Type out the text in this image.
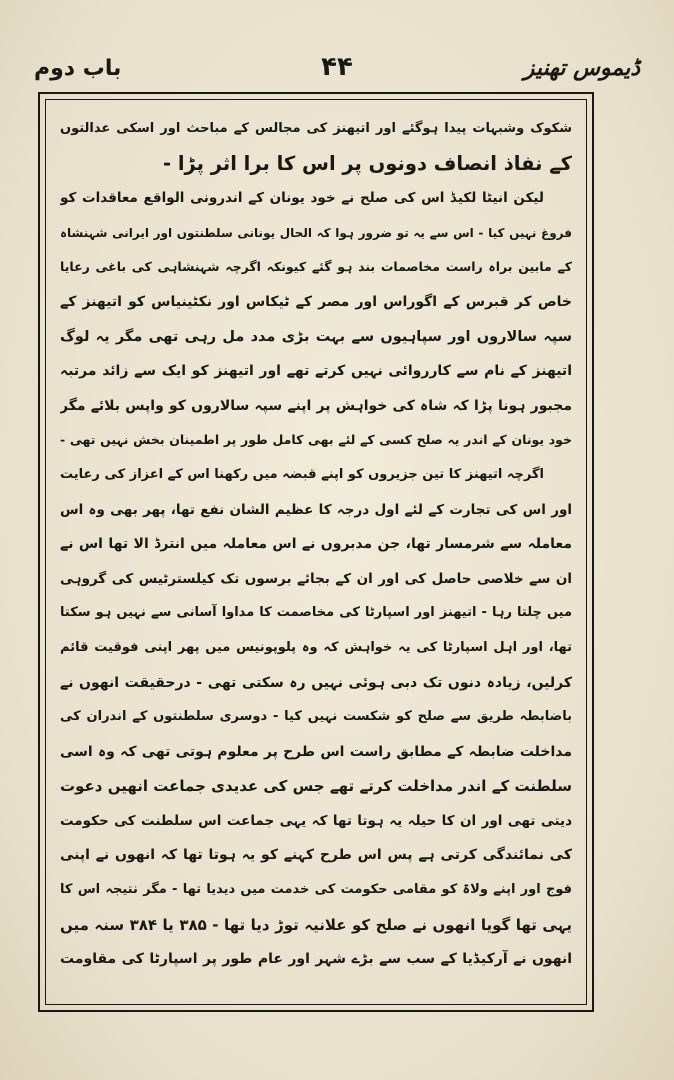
ڈیموس تھنیز
۴۴
باب دوم
شکوک وشبہات پیدا ہوگئے اور اتیھنز کی مجالس کے مباحث اور اسکی عدالتوں
کے نفاذ انصاف دونوں پر اس کا برا اثر پڑا -
لیکن انیٹا لکیڈ اس کی صلح نے خود یونان کے اندرونی الواقع معاقدات کو
فروغ نہیں کیا - اس سے یہ تو ضرور ہوا کہ الحال یونانی سلطنتوں اور ایرانی شہنشاہ
کے مابین براہ راست مخاصمات بند ہو گئے کیونکہ اگرچہ شہنشاہی کی باغی رعایا
خاص کر قبرس کے اگوراس اور مصر کے ٹیکاس اور نکٹینیاس کو اتیھنز کے
سپہ سالاروں اور سپاہیوں سے بہت بڑی مدد مل رہی تھی مگر یہ لوگ
اتیھنز کے نام سے کارروائی نہیں کرتے تھے اور اتیھنز کو ایک سے زائد مرتبہ
مجبور ہونا پڑا کہ شاہ کی خواہش پر اپنے سپہ سالاروں کو واپس بلائے مگر
خود یونان کے اندر یہ صلح کسی کے لئے بھی کامل طور پر اطمینان بخش نہیں تھی -
اگرچہ اتیھنز کا تین جزیروں کو اپنے قبضہ میں رکھنا اس کے اعزاز کی رعایت
اور اس کی تجارت کے لئے اول درجہ کا عظیم الشان نفع تھا، پھر بھی وہ اس
معاملہ سے شرمسار تھا، جن مدبروں نے اس معاملہ میں انترڈ الا تھا اس نے
ان سے خلاصی حاصل کی اور ان کے بجائے برسوں تک کیلسترٹیس کی گروہی
میں چلتا رہا - اتیھنز اور اسپارٹا کی مخاصمت کا مداوا آسانی سے نہیں ہو سکتا
تھا، اور اہل اسپارٹا کی یہ خواہش کہ وہ پلوپونیس میں پھر اپنی فوقیت قائم
کرلیں، زیادہ دنوں تک دبی ہوئی نہیں رہ سکتی تھی - درحقیقت انھوں نے
باضابطہ طریق سے صلح کو شکست نہیں کیا - دوسری سلطنتوں کے اندران کی
مداخلت ضابطہ کے مطابق راست اس طرح پر معلوم ہوتی تھی کہ وہ اسی
سلطنت کے اندر مداخلت کرتے تھے جس کی عدیدی جماعت انھیں دعوت
دیتی تھی اور ان کا حیلہ یہ ہوتا تھا کہ یہی جماعت اس سلطنت کی حکومت
کی نمائندگی کرتی ہے پس اس طرح کہنے کو یہ ہوتا تھا کہ انھوں نے اپنی
فوج اور اپنے ولاۃ کو مقامی حکومت کی خدمت میں دیدیا تھا - مگر نتیجہ اس کا
یہی تھا گویا انھوں نے صلح کو علانیہ توڑ دیا تھا - ۳۸۵ یا ۳۸۴ سنہ میں
انھوں نے آرکیڈیا کے سب سے بڑے شہر اور عام طور پر اسپارٹا کی مقاومت
